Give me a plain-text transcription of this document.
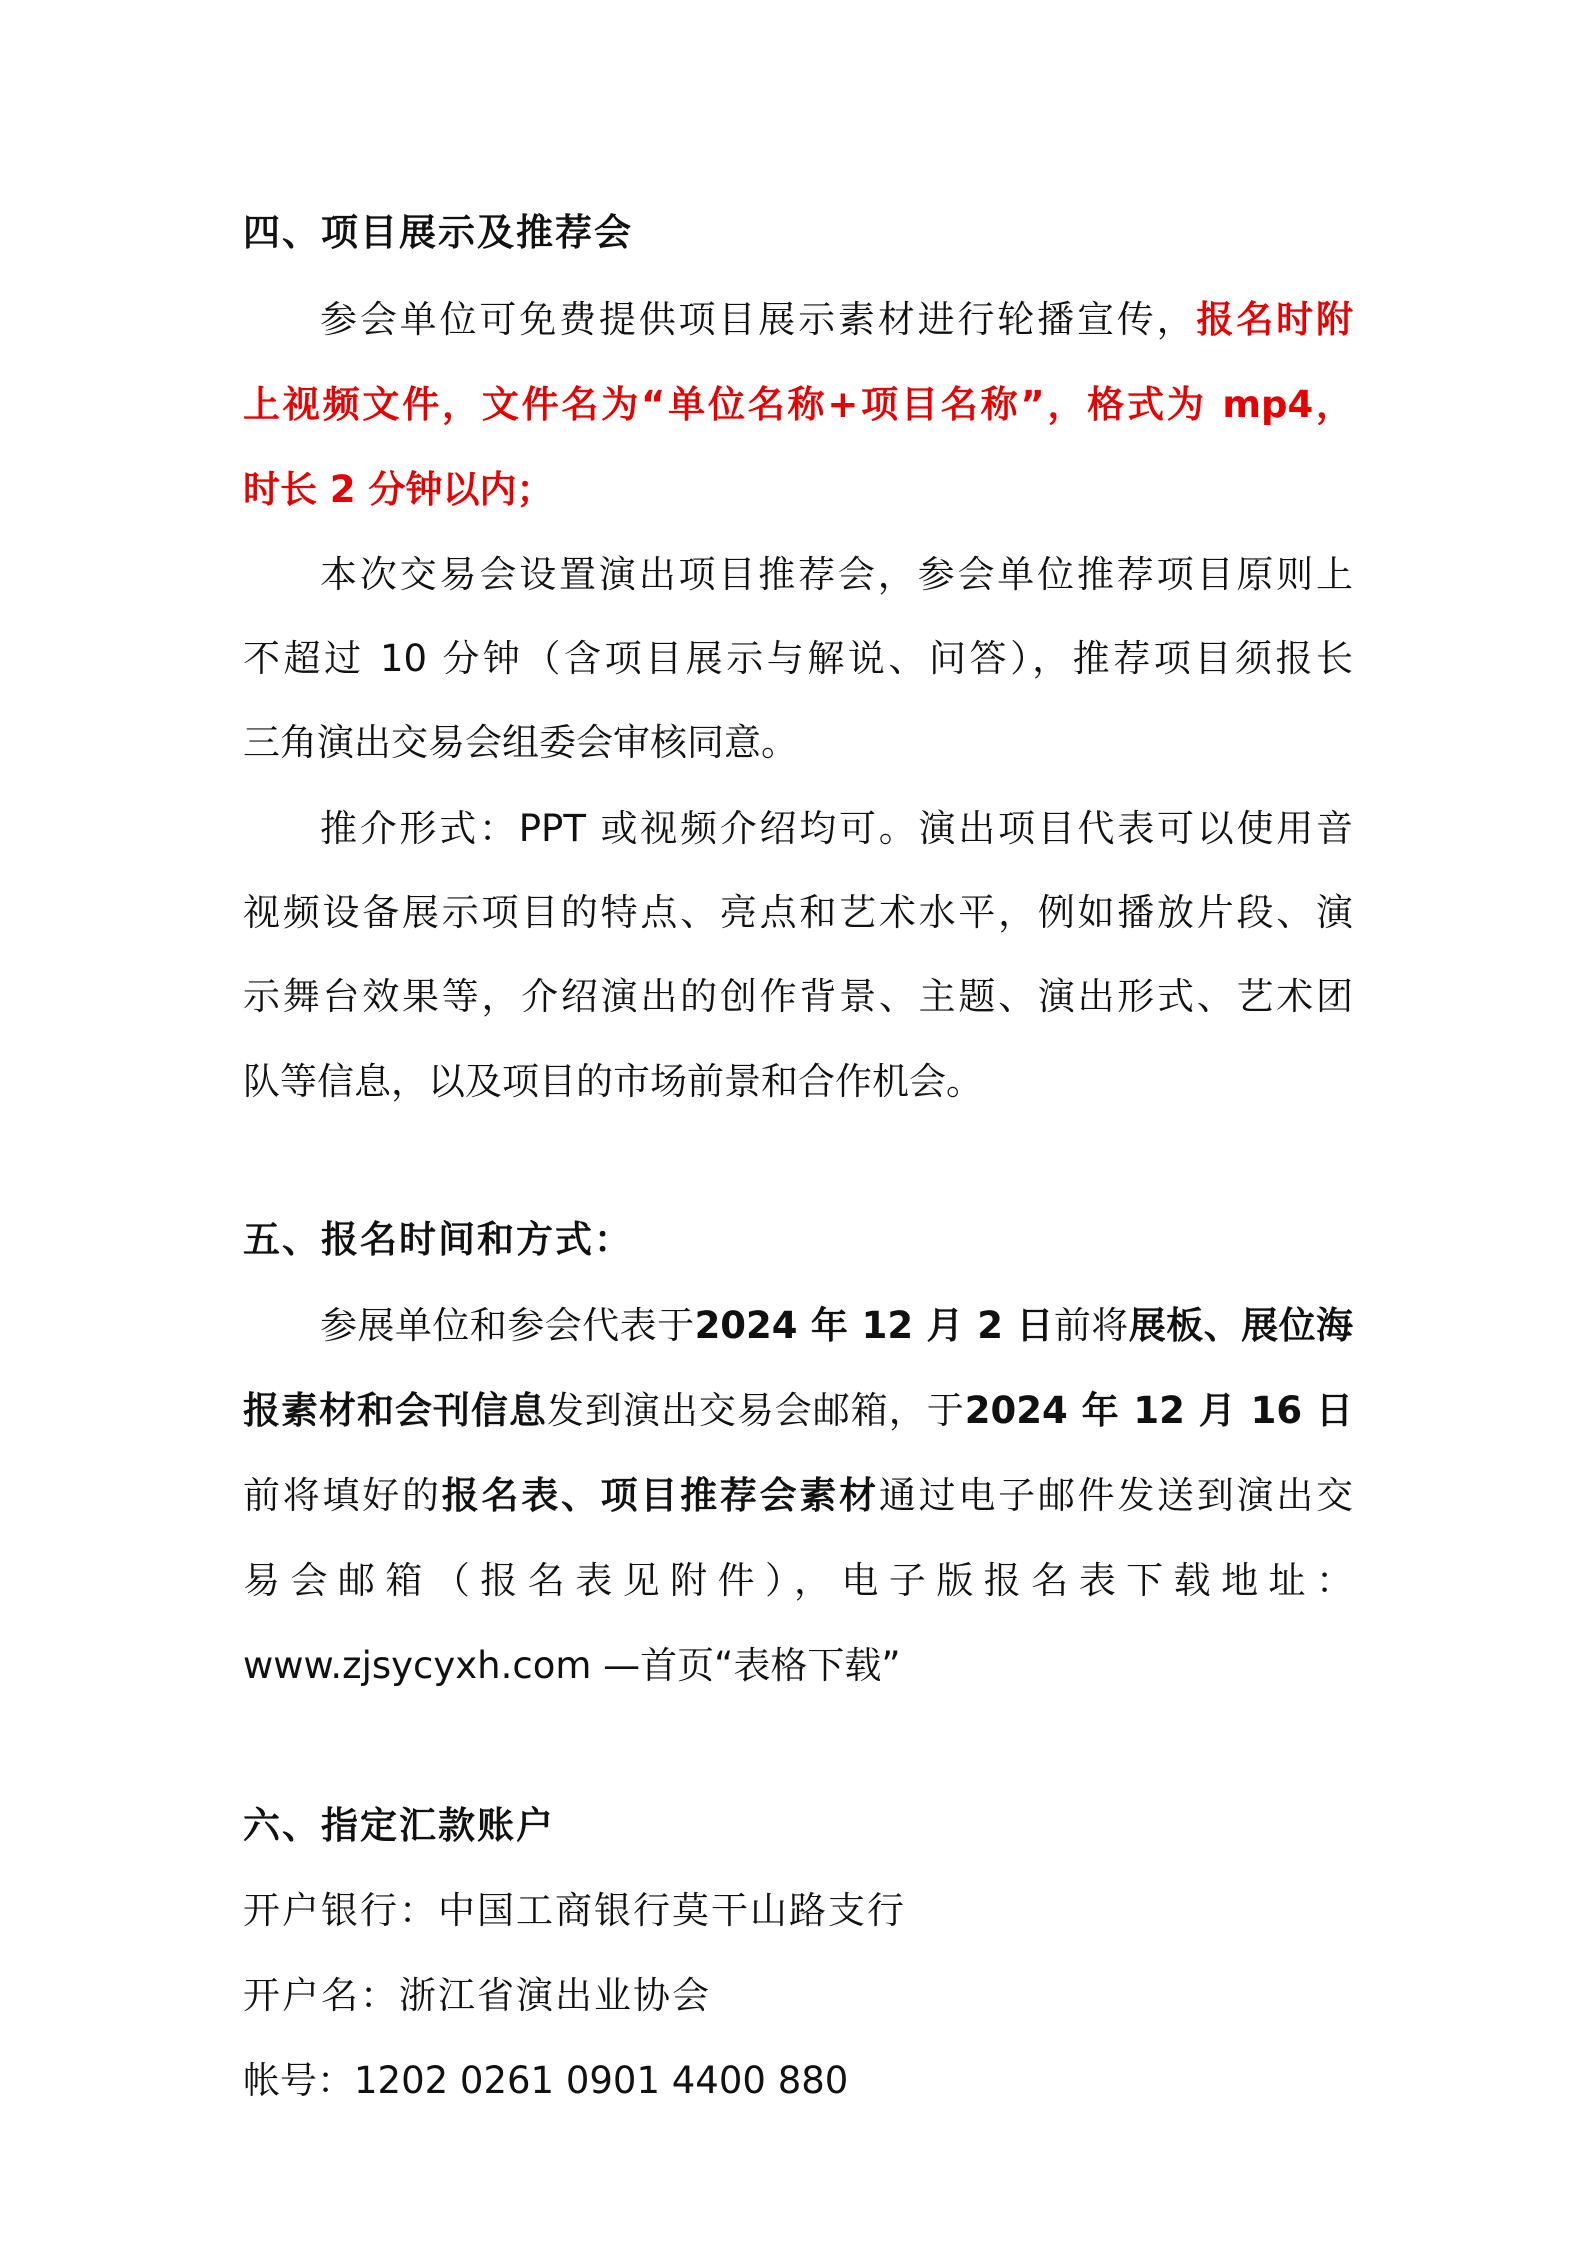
四、项目展示及推荐会
参会单位可免费提供项目展示素材进行轮播宣传，报名时附
上视频文件，文件名为“单位名称+项目名称”，格式为 mp4，
时长 2 分钟以内；
本次交易会设置演出项目推荐会，参会单位推荐项目原则上
不超过 10 分钟（含项目展示与解说、问答），推荐项目须报长
三角演出交易会组委会审核同意。
推介形式：PPT 或视频介绍均可。演出项目代表可以使用音
视频设备展示项目的特点、亮点和艺术水平，例如播放片段、演
示舞台效果等，介绍演出的创作背景、主题、演出形式、艺术团
队等信息，以及项目的市场前景和合作机会。
五、报名时间和方式：
参展单位和参会代表于2024 年 12 月 2 日前将展板、展位海
报素材和会刊信息发到演出交易会邮箱，于2024 年 12 月 16 日
前将填好的报名表、项目推荐会素材通过电子邮件发送到演出交
易会邮箱（报名表见附件），电子版报名表下载地址：
www.zjsycyxh.com —首页“表格下载”
六、指定汇款账户
开户银行：中国工商银行莫干山路支行
开户名：浙江省演出业协会
帐号：1202 0261 0901 4400 880
